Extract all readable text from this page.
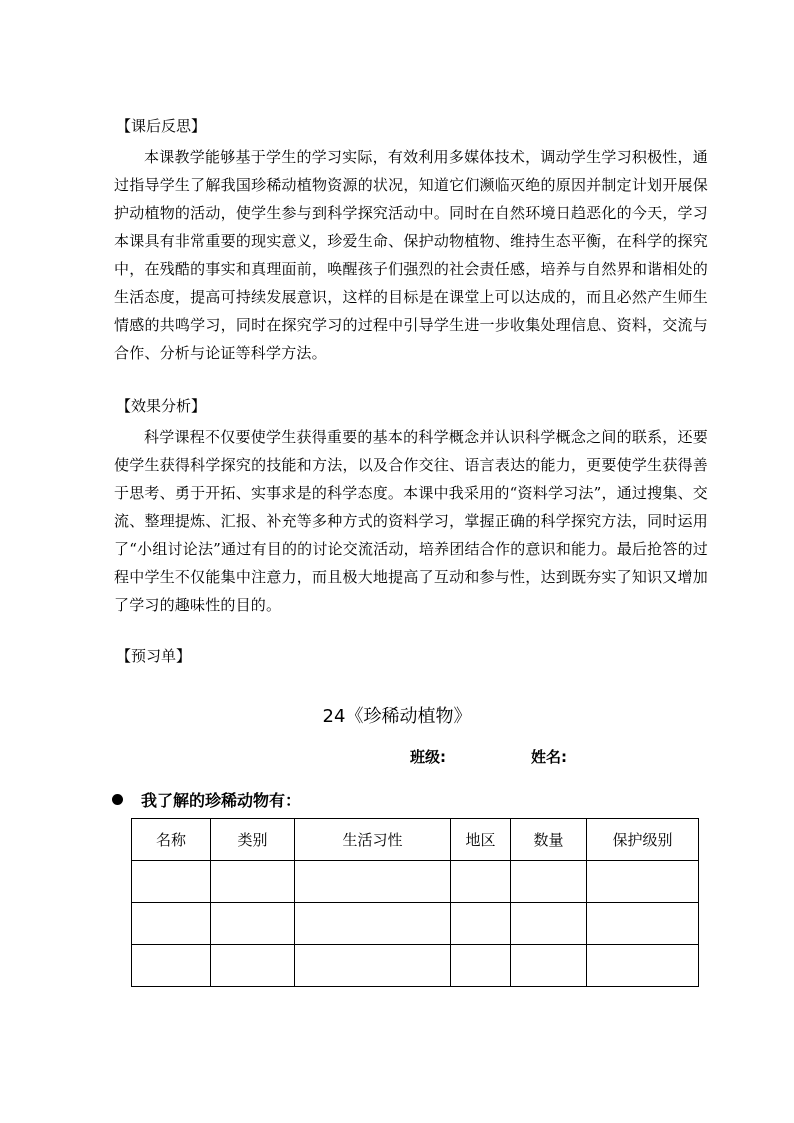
【课后反思】

本课教学能够基于学生的学习实际，有效利用多媒体技术，调动学生学习积极性，通过指导学生了解我国珍稀动植物资源的状况，知道它们濒临灭绝的原因并制定计划开展保护动植物的活动，使学生参与到科学探究活动中。同时在自然环境日趋恶化的今天，学习本课具有非常重要的现实意义，珍爱生命、保护动物植物、维持生态平衡，在科学的探究中，在残酷的事实和真理面前，唤醒孩子们强烈的社会责任感，培养与自然界和谐相处的生活态度，提高可持续发展意识，这样的目标是在课堂上可以达成的，而且必然产生师生情感的共鸣学习，同时在探究学习的过程中引导学生进一步收集处理信息、资料，交流与合作、分析与论证等科学方法。

【效果分析】

科学课程不仅要使学生获得重要的基本的科学概念并认识科学概念之间的联系，还要使学生获得科学探究的技能和方法，以及合作交往、语言表达的能力，更要使学生获得善于思考、勇于开拓、实事求是的科学态度。本课中我采用的“资料学习法”，通过搜集、交流、整理提炼、汇报、补充等多种方式的资料学习，掌握正确的科学探究方法，同时运用了“小组讨论法”通过有目的的讨论交流活动，培养团结合作的意识和能力。最后抢答的过程中学生不仅能集中注意力，而且极大地提高了互动和参与性，达到既夯实了知识又增加了学习的趣味性的目的。

【预习单】
24《珍稀动植物》
班级:	姓名:
我了解的珍稀动物有：
名称	类别	生活习性	地区	数量	保护级别
